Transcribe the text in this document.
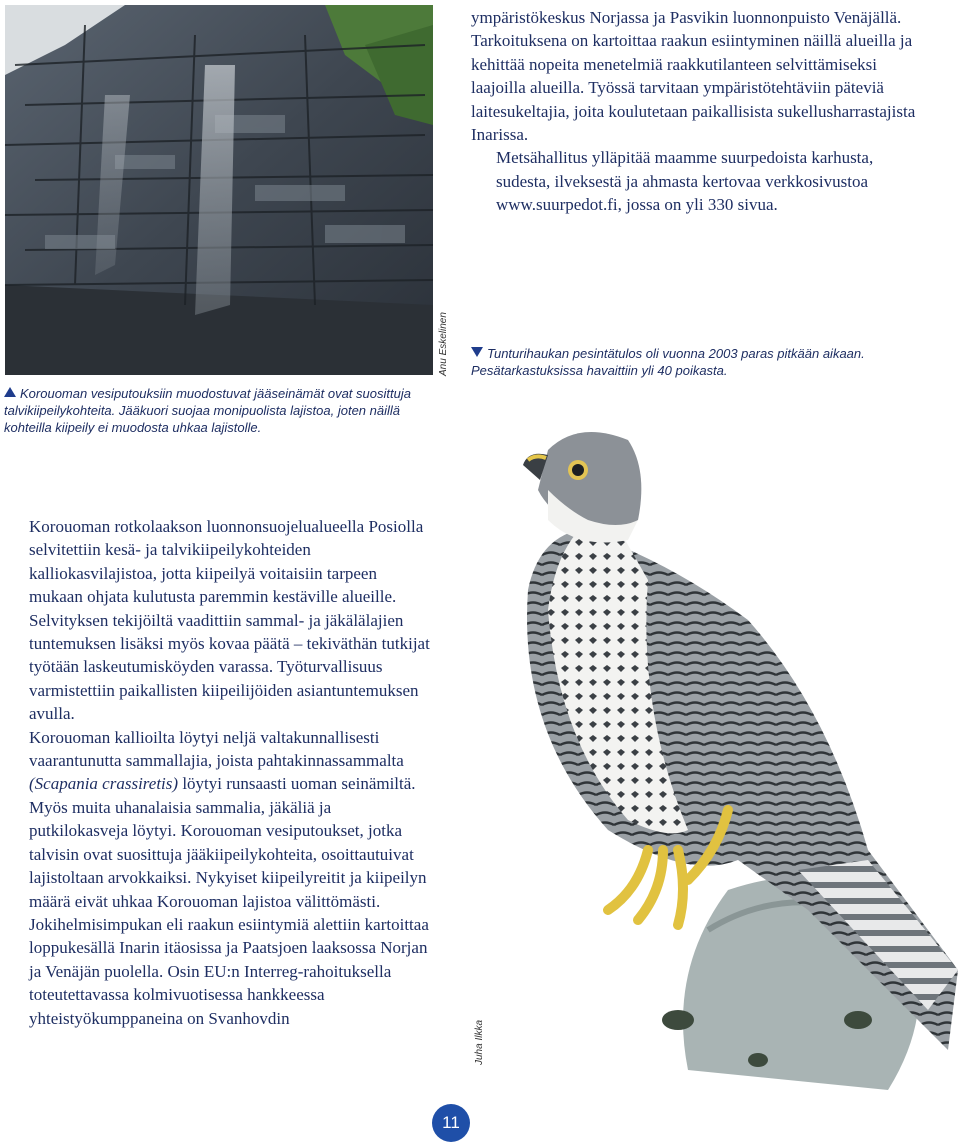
Anu Eskelinen
Korouoman vesiputouksiin muodostuvat jääseinämät ovat suosittuja talvikiipeilykohteita. Jääkuori suojaa monipuolista lajistoa, joten näillä kohteilla kiipeily ei muodosta uhkaa lajistolle.
Tunturihaukan pesintätulos oli vuonna 2003 paras pitkään aikaan. Pesätarkastuksissa havaittiin yli 40 poikasta.

ympäristökeskus Norjassa ja Pasvikin luonnonpuisto Venäjällä. Tarkoituksena on kartoittaa raakun esiintyminen näillä alueilla ja kehittää nopeita menetelmiä raakkutilanteen selvittämiseksi laajoilla alueilla. Työssä tarvitaan ympäristötehtäviin päteviä laitesukeltajia, joita koulutetaan paikallisista sukellusharrastajista Inarissa.

Metsähallitus ylläpitää maamme suurpedoista karhusta, sudesta, ilveksestä ja ahmasta kertovaa verkkosivustoa www.suurpedot.fi, jossa on yli 330 sivua.

Korouoman rotkolaakson luonnonsuojelualueella Posiolla selvitettiin kesä- ja talvikiipeilykohteiden kalliokasvilajistoa, jotta kiipeilyä voitaisiin tarpeen mukaan ohjata kulutusta paremmin kestäville alueille. Selvityksen tekijöiltä vaadittiin sammal- ja jäkälälajien tuntemuksen lisäksi myös kovaa päätä – tekiväthän tutkijat työtään laskeutumisköyden varassa. Työturvallisuus varmistettiin paikallisten kiipeilijöiden asiantuntemuksen avulla.

Korouoman kallioilta löytyi neljä valtakunnallisesti vaarantunutta sammallajia, joista pahtakinnassammalta (Scapania crassiretis) löytyi runsaasti uoman seinämiltä. Myös muita uhanalaisia sammalia, jäkäliä ja putkilokasveja löytyi. Korouoman vesiputoukset, jotka talvisin ovat suosittuja jääkiipeilykohteita, osoittautuivat lajistoltaan arvokkaiksi. Nykyiset kiipeilyreitit ja kiipeilyn määrä eivät uhkaa Korouoman lajistoa välittömästi.

Jokihelmisimpukan eli raakun esiintymiä alettiin kartoittaa loppukesällä Inarin itäosissa ja Paatsjoen laaksossa Norjan ja Venäjän puolella. Osin EU:n Interreg-rahoituksella toteutettavassa kolmivuotisessa hankkeessa yhteistyökumppaneina on Svanhovdin

Juha Ilkka
11
